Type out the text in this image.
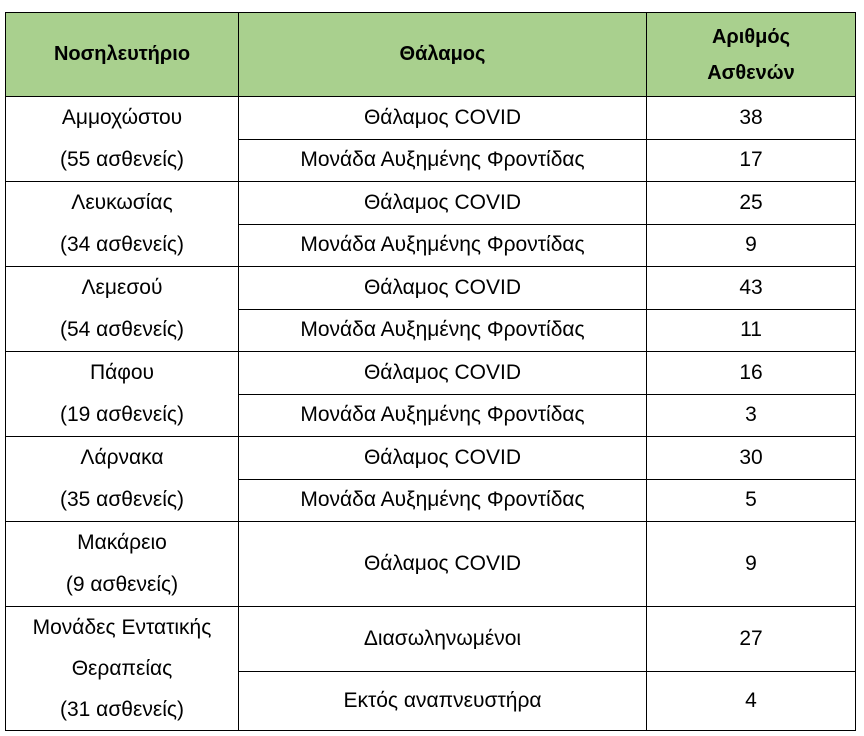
Νοσηλευτήριο	Θάλαμος	Αριθμός
Ασθενών

Αμμοχώστου
(55 ασθενείς)	Θάλαμος COVID	38
	Μονάδα Αυξημένης Φροντίδας	17

Λευκωσίας
(34 ασθενείς)	Θάλαμος COVID	25
	Μονάδα Αυξημένης Φροντίδας	9

Λεμεσού
(54 ασθενείς)	Θάλαμος COVID	43
	Μονάδα Αυξημένης Φροντίδας	11

Πάφου
(19 ασθενείς)	Θάλαμος COVID	16
	Μονάδα Αυξημένης Φροντίδας	3

Λάρνακα
(35 ασθενείς)	Θάλαμος COVID	30
	Μονάδα Αυξημένης Φροντίδας	5

Μακάρειο
(9 ασθενείς)	Θάλαμος COVID	9

Μονάδες Εντατικής
Θεραπείας
(31 ασθενείς)	Διασωληνωμένοι	27
	Εκτός αναπνευστήρα	4
